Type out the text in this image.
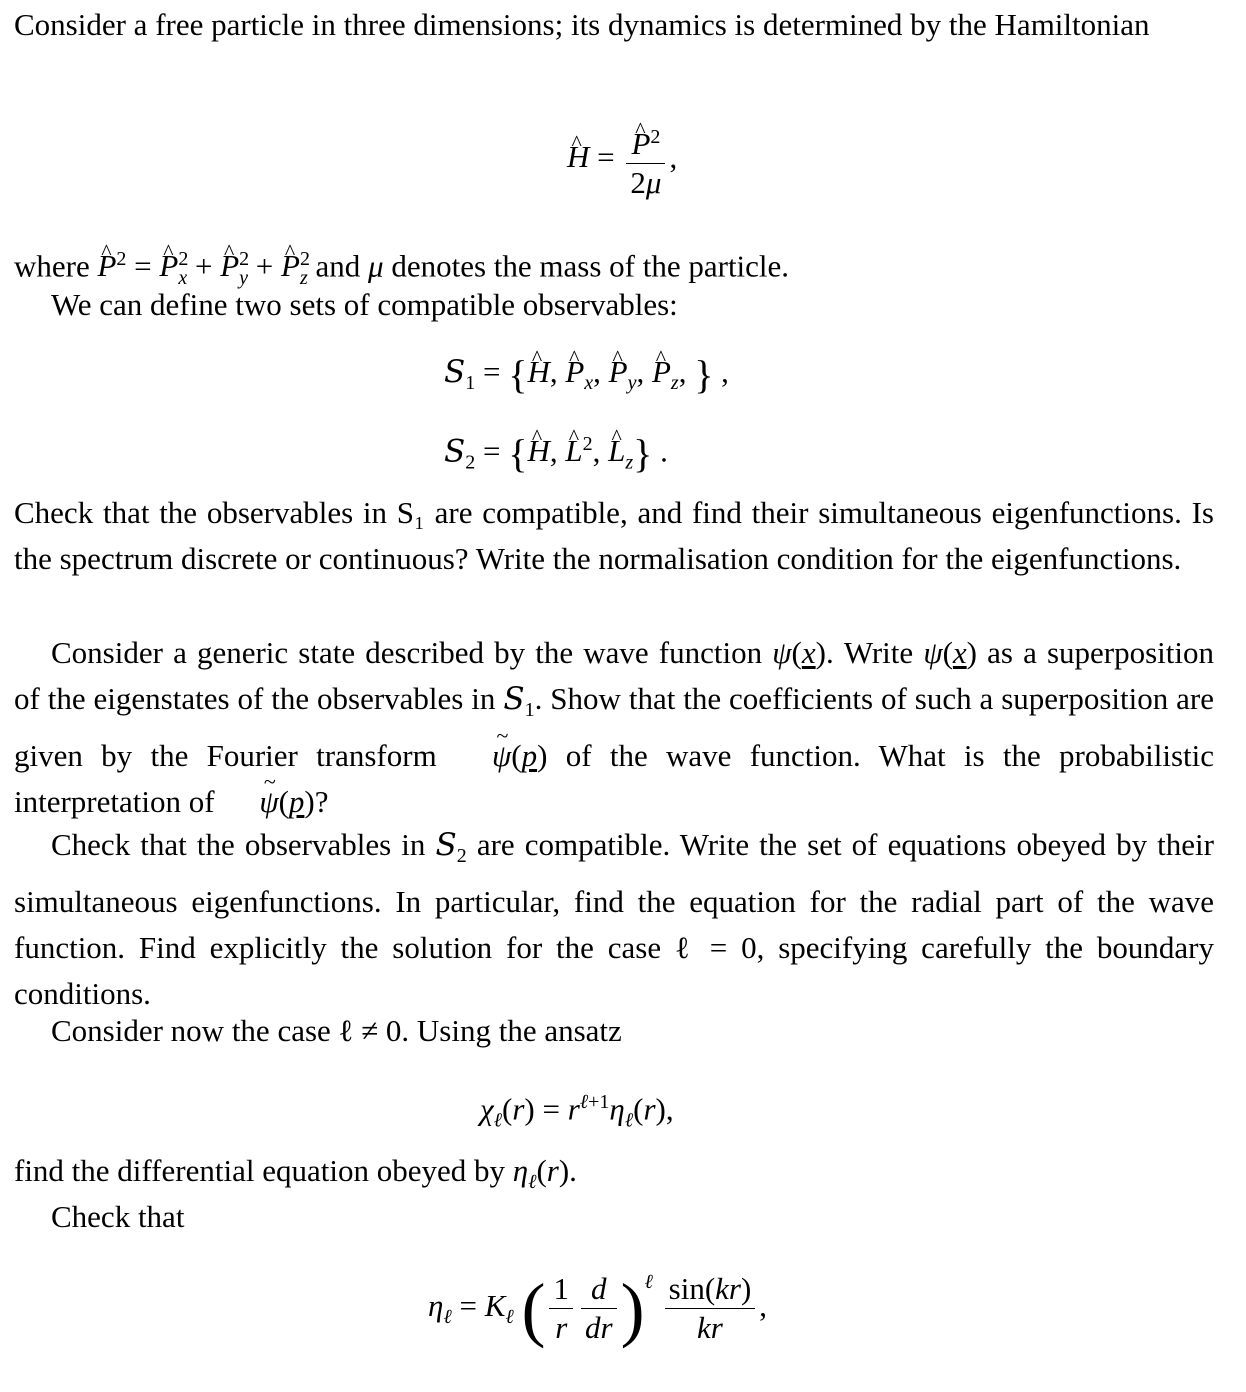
Consider a free particle in three dimensions; its dynamics is determined by the Hamiltonian

H ^ = $\frac{P \^{}^2}{2\mu}$ ,

where P ^$^2$ = P ^$^2_x$ + P ^$^2_y$ + P ^$^2_z$ and μ denotes the mass of the particle.

We can define two sets of compatible observables:

$S_1 = \{H$ ^, P $\^{}_x$, P $\^{}_y$, P $\^{}_z$, } ,
$S_2 = \{H$ ^, L ^$^2$, L $\^{}_z$} .

Check that the observables in S₁ are compatible, and find their simultaneous eigenfunctions. Is the spectrum discrete or continuous? Write the normalisation condition for the eigenfunctions.

Consider a generic state described by the wave function ψ(x). Write ψ(x) as a superposition of the eigenstates of the observables in $S_1$. Show that the coefficients of such a superposition are given by the Fourier transform ψ ~(p) of the wave function. What is the probabilistic interpretation of ψ ~(p)?

Check that the observables in $S_2$ are compatible. Write the set of equations obeyed by their simultaneous eigenfunctions. In particular, find the equation for the radial part of the wave function. Find explicitly the solution for the case ℓ = 0, specifying carefully the boundary conditions.

Consider now the case ℓ ≠ 0. Using the ansatz

$\chi_\ell(r) = r^{\ell+1}\eta_\ell(r)$,

find the differential equation obeyed by $\eta_\ell(r)$.

Check that

$\eta_\ell = K_\ell$ ( $\frac{1}{r} \frac{d}{dr} )^\ell \frac{\sin(kr)}{kr}$ ,
